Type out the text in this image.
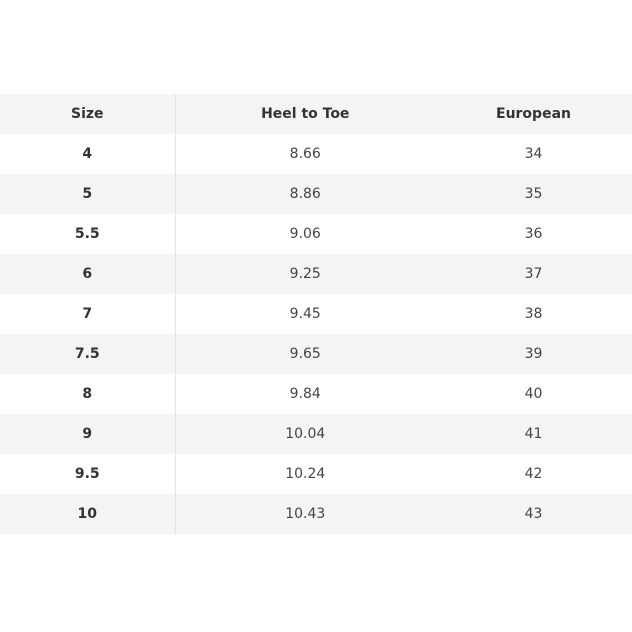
Size	Heel to Toe	European
4	8.66	34
5	8.86	35
5.5	9.06	36
6	9.25	37
7	9.45	38
7.5	9.65	39
8	9.84	40
9	10.04	41
9.5	10.24	42
10	10.43	43
